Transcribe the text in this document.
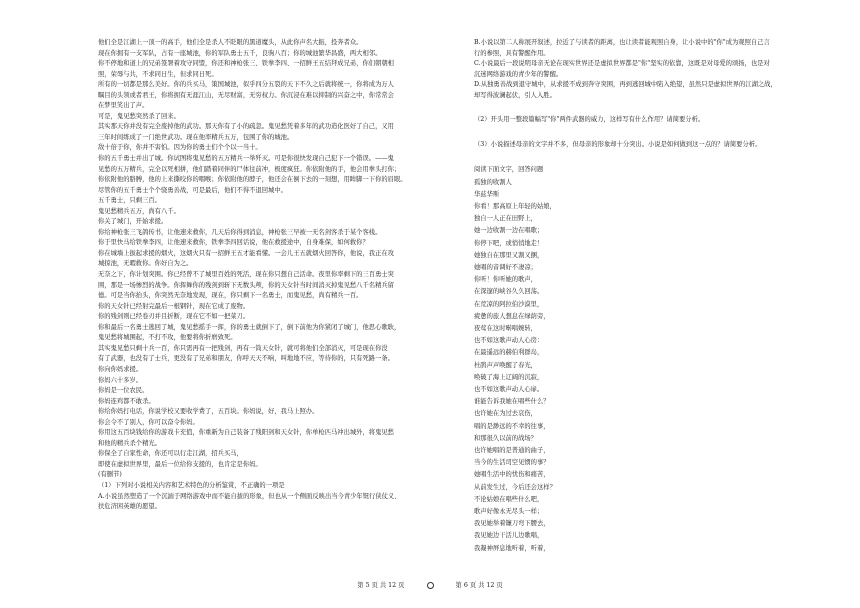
他们全是江湖上一顶一的高手，他们全是杀人不眨眼的黑道魔头，从此你声名大振，投奔者众。

现在你拥有一支军队，占有一座城池，你的军队勇士五千，良驹八百；你的城池繁华昌盛，两大相邻。

你不停地和道上的兄弟签署着攻守同盟，你还和神枪张三、铁拳李四、一招鲜王五结拜成兄弟，你们朝朝相

照，荣辱与共，不求同日生，但求同日死。

所有的一切都是那么美好。你的兵买马，策国城池，似乎四分五裂的天下不久之后就将统一，你将成为万人

瞩目的头领或者君王，你将拥有无涯江山，无尽财富，无穷权力。你沉浸在难以抑制的兴奋之中，你常常会

在梦里笑出了声。

可是，鬼见愁突然杀了回来。

其实那天你并没有完全废掉他的武功。那天你有了小的疏忽。鬼见愁凭着多年的武功造化医好了自己，又用

三年时间练成了一门绝世武功。现在他率精兵五万，包围了你的城池。

敌十倍于你，你并不害怕。因为你的勇士们个个以一当十。

你的五千勇士并出了城。你试图将鬼见愁的五万精兵一举歼灭。可是你很快发现自己犯下一个错误。——鬼

见愁的五万精兵，完全以死相拼，他们踏着同伴的尸体往前冲，极度疯狂。你依附他的手，他会用拳头打你；

你依附他的胳膊，他的上来撕咬你的咽喉；你依附他的脖子，他还会在倒下去的一刻想，用眸脚一下你的眉眼。

尽管你的五千勇士个个骁勇善战，可是最后，他们不得不退回城中。

五千勇士，只剩三百。

鬼见愁精兵五万，尚有八千。

你关了城门，开始求援。

你给神枪张三飞鸽传书，让他速来救你，几天后你得到消息，神枪张三早被一无名剑客杀于某个客栈。

你于里快马给铁拳李四，让他速来救你，铁拳李四回话说，他在救援途中，自身难保，如何救你？

你在城墙上拔起求援的烟火，这烟火只有一招鲜王五才能看懂。一会儿王五就烟火回答你，他说，我正在攻

城掠池，无暇救你。你好自为之。

无奈之下，你计划突围。你已经曾不了城里百姓的死活，现在你只想自己活命。夜里你率剩下的三百勇士突

围，那是一场惨烈的战争。你挥舞你的残剑到斩下无数头颅，你的天女针当时间消灭掉鬼见愁八千名精兵留

德。可是当你抬头，你突然无奈地发现，现在，你只剩下一名勇士，而鬼见愁，尚有精兵一百。

你的天女针已经射完最后一根钢针，现在它成了废物。

你的残剑则已经卷刃并且折断，现在它不如一把菜刀。

你和最后一名勇士逃回了城，鬼见愁摇手一挥，你的勇士就倒下了，倒下前他为你紧闭了城门，他思心歌耿，

鬼见愁将城围起，不打不攻，他要将你折磨致死。

其实鬼见愁只剩十兵一百，你只需再有一把残剑，再有一筒天女针，就可将他们全部消灭，可是现在你没

有了武器，也没有了士兵，更没有了兄弟和朋友，你呼天天不响，叫地地不应，等待你的，只有死路一条。

你向你妈求援。

你妈六十多岁。

你妈是一位农民。

你妈连鸡都不敢杀。

你给你妈打电话，你说学校又要收学费了，五百块。你妈说，好，我马上照办。

你会令不了别人，你可以奋令你妈。

你用这五百块钱给你的游戏卡充值，你重新为自己装备了残阳剑和天女针，你单枪匹马冲出城外，将鬼见愁

和他的精兵杀个精光。

你保全了自家性命，你还可以行走江湖，招兵买马，

即使在虚拟世界里，最后一位给你支援的，也肯定是你妈。

(有删节)

（1）下列对小说相关内容和艺术特色的分析鉴赏，不正确的一项是

A.小说虽然塑造了一个沉湎于网络游戏中而不能自拔的形象，但也从一个侧面反映出当今青少年铤行侠仗义、

扶危济困英雄的愿望。

B.小说以第二人称展开叙述，拉近了与读者的距离，也让读者能观照自身，让小说中的"你"成为观照自己言

行的参照，具有警醒作用。

C.小说最后一段说明母亲无论在现实世界还是虚拟世界都是"你"坚实的依靠，这既是对母爱的颂扬，也是对

沉迷网络游戏的青少年的警醒。

D.从独勇善战到退守城中，从求援不成到奔守突围，再到逃回城中陷入绝望，虽然只是虚拟世界的江湖之战，

却写得波澜起伏，引人入胜。

（2）开头用一整段篇幅写"你"两件武器的威力，这样写有什么作用？请简要分析。

（3）小说描述母亲的文字并不多，但母亲的形象却十分突出。小说是如何做到这一点的？请简要分析。

阅读下面文字，回答问题

孤独的收割人

华兹华斯

你看！那高原上年轻的姑娘，

独自一人正在田野上，

她一边收割一边在唱歌；

你停下吧，或悄悄地走！

她独自在那里又割又捆，

她唱的音调好不凄凉；

你听！你听她的歌声，

在深邃的峡谷久久回荡。

在荒凉的阿拉伯沙漠里，

疲惫的旅人想息在绿荫旁，

夜莺在这时啭唱婉转，

也不如这歌声动人心房：

在最遥远的赫伯利群岛，

杜鹃声声唤醒了春光，

唤破了海上辽阔的沉寂，

也不如这歌声动人心扉。

谁能告诉我她在唱些什么？

也许她在为过去哀伤，

唱的是渺远的不幸的往事，

和那很久以前的战场？

也许她唱的是普通的曲子，

当今的生活司空见惯的事？

她唱生活中的忧伤和痛苦，

从前发生过，今后还会这样？

不论姑娘在唱些什么吧，

歌声好像永无尽头一样；

我见她举着镰刀弯下腰去，

我见她边干活儿边歌唱，

我凝神屏息地听着，听着，

第 5 页 共 12 页	第 6 页 共 12 页
